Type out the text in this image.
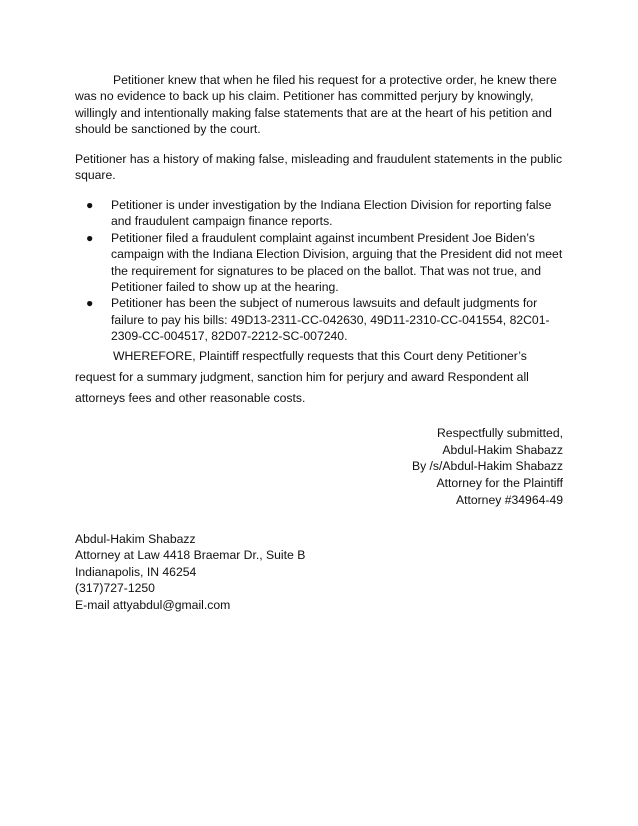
Petitioner knew that when he filed his request for a protective order, he knew there was no evidence to back up his claim. Petitioner has committed perjury by knowingly, willingly and intentionally making false statements that are at the heart of his petition and should be sanctioned by the court.
Petitioner has a history of making false, misleading and fraudulent statements in the public square.
● Petitioner is under investigation by the Indiana Election Division for reporting false and fraudulent campaign finance reports.
● Petitioner filed a fraudulent complaint against incumbent President Joe Biden’s campaign with the Indiana Election Division, arguing that the President did not meet the requirement for signatures to be placed on the ballot. That was not true, and Petitioner failed to show up at the hearing.
● Petitioner has been the subject of numerous lawsuits and default judgments for failure to pay his bills: 49D13-2311-CC-042630, 49D11-2310-CC-041554, 82C01-2309-CC-004517, 82D07-2212-SC-007240.
WHEREFORE, Plaintiff respectfully requests that this Court deny Petitioner’s request for a summary judgment, sanction him for perjury and award Respondent all attorneys fees and other reasonable costs.
Respectfully submitted,
Abdul-Hakim Shabazz
By /s/Abdul-Hakim Shabazz
Attorney for the Plaintiff
Attorney #34964-49
Abdul-Hakim Shabazz
Attorney at Law 4418 Braemar Dr., Suite B
Indianapolis, IN 46254
(317)727-1250
E-mail attyabdul@gmail.com
